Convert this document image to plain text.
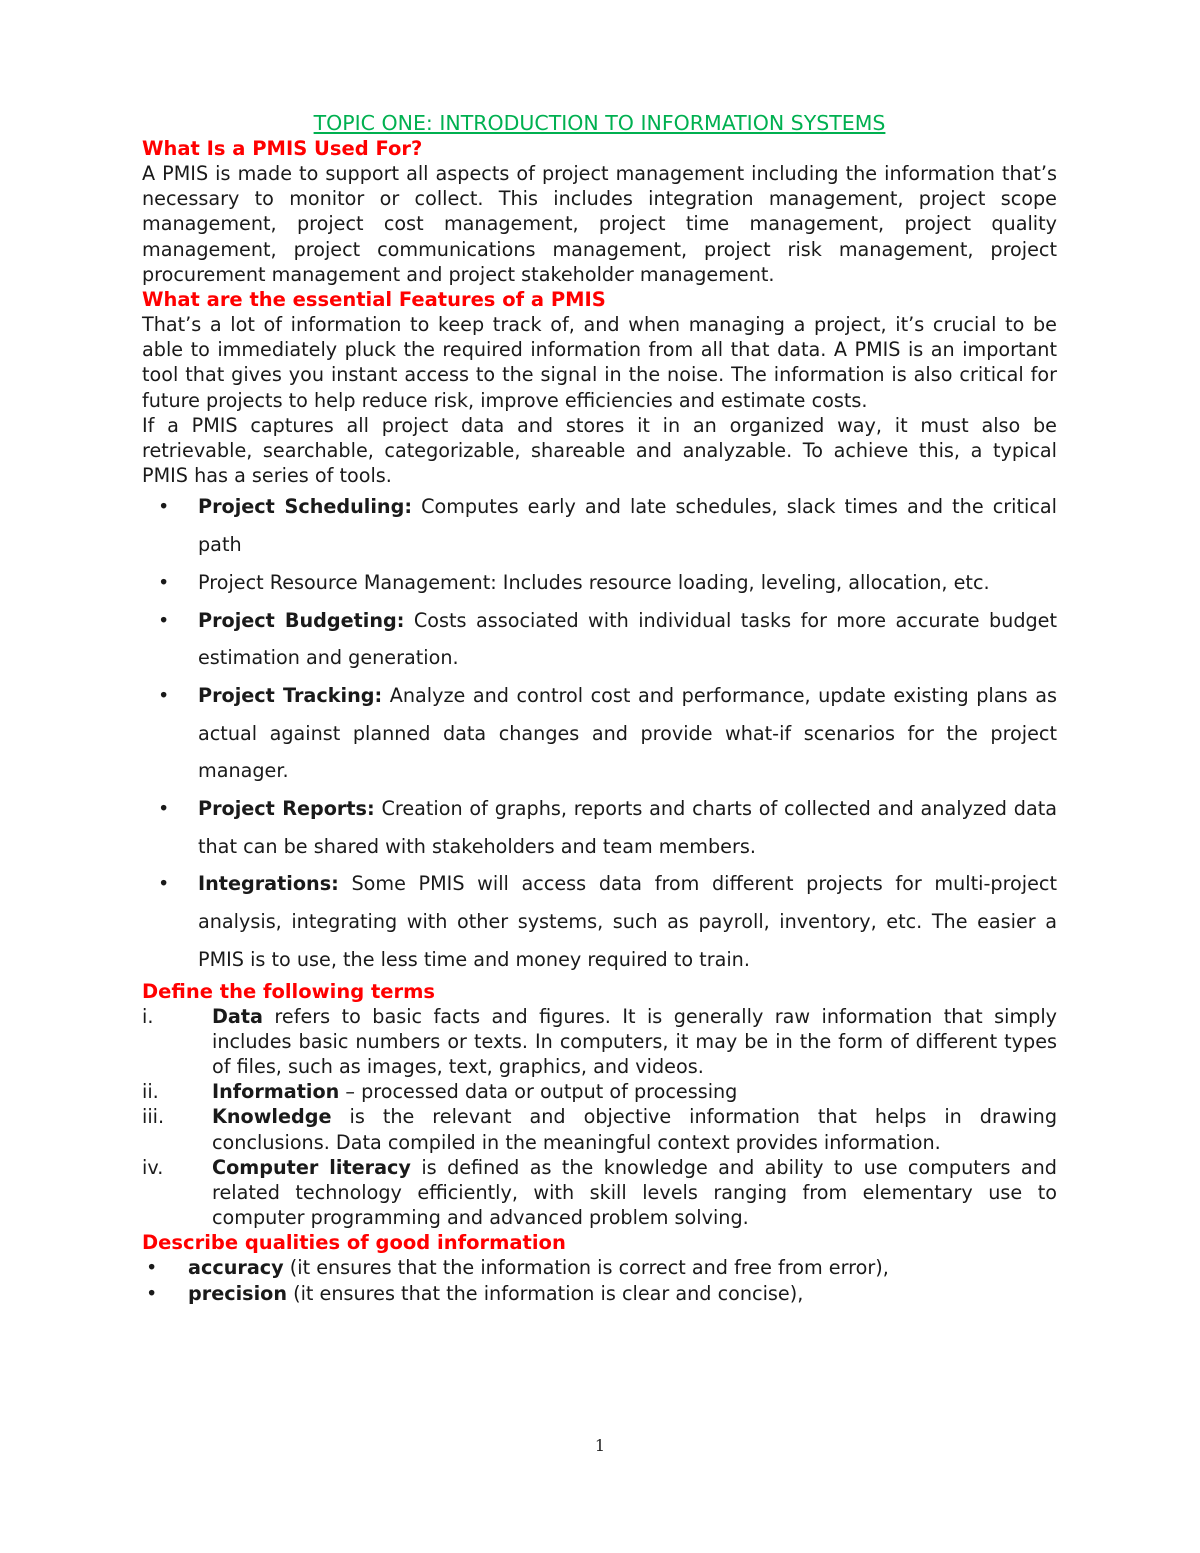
TOPIC ONE: INTRODUCTION TO INFORMATION SYSTEMS
What Is a PMIS Used For?

A PMIS is made to support all aspects of project management including the information that’s necessary to monitor or collect. This includes integration management, project scope management, project cost management, project time management, project quality management, project communications management, project risk management, project procurement management and project stakeholder management.

What are the essential Features of a PMIS

That’s a lot of information to keep track of, and when managing a project, it’s crucial to be able to immediately pluck the required information from all that data. A PMIS is an important tool that gives you instant access to the signal in the noise. The information is also critical for future projects to help reduce risk, improve efficiencies and estimate costs.

If a PMIS captures all project data and stores it in an organized way, it must also be retrievable, searchable, categorizable, shareable and analyzable. To achieve this, a typical PMIS has a series of tools.

• Project Scheduling: Computes early and late schedules, slack times and the critical path
• Project Resource Management: Includes resource loading, leveling, allocation, etc.
• Project Budgeting: Costs associated with individual tasks for more accurate budget estimation and generation.
• Project Tracking: Analyze and control cost and performance, update existing plans as actual against planned data changes and provide what-if scenarios for the project manager.
• Project Reports: Creation of graphs, reports and charts of collected and analyzed data that can be shared with stakeholders and team members.
• Integrations: Some PMIS will access data from different projects for multi-project analysis, integrating with other systems, such as payroll, inventory, etc. The easier a PMIS is to use, the less time and money required to train.
Define the following terms
i.	Data refers to basic facts and figures. It is generally raw information that simply includes basic numbers or texts. In computers, it may be in the form of different types of files, such as images, text, graphics, and videos.
ii.	Information – processed data or output of processing
iii.	Knowledge is the relevant and objective information that helps in drawing conclusions. Data compiled in the meaningful context provides information.
iv.	Computer literacy is defined as the knowledge and ability to use computers and related technology efficiently, with skill levels ranging from elementary use to computer programming and advanced problem solving.
Describe qualities of good information
• accuracy (it ensures that the information is correct and free from error),
• precision (it ensures that the information is clear and concise),
1
